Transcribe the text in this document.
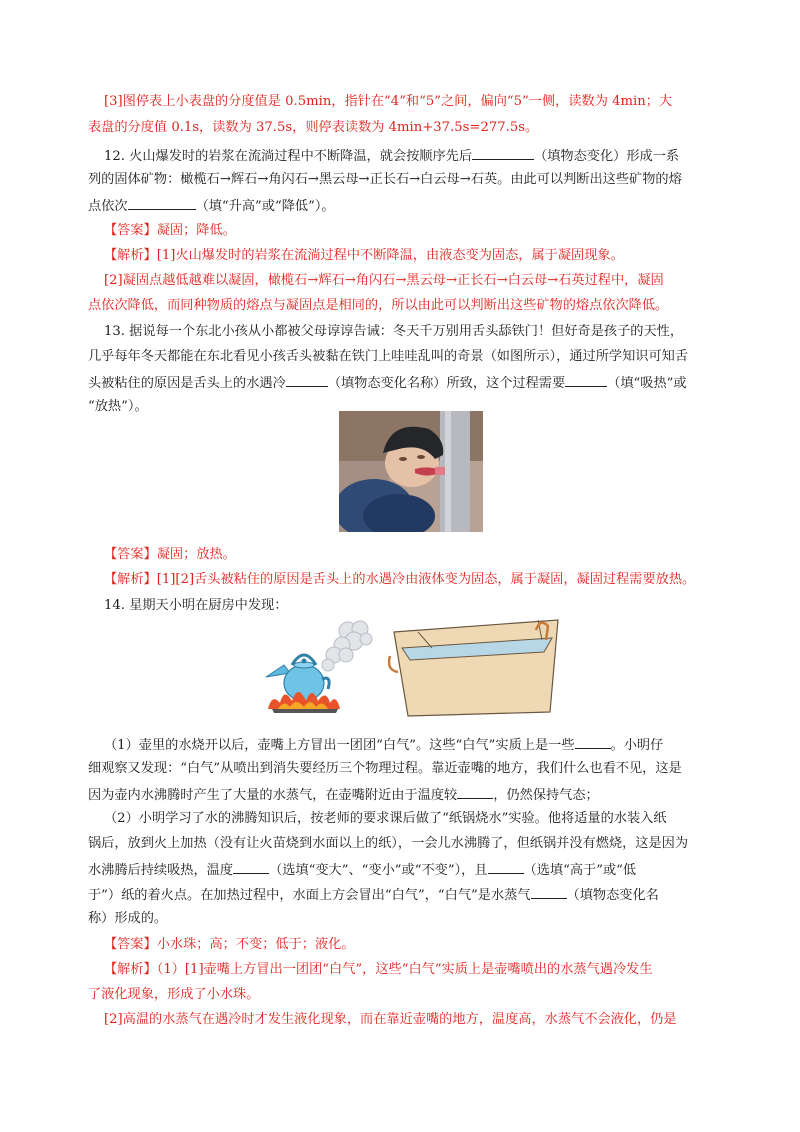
[3]图停表上小表盘的分度值是 0.5min，指针在“4”和“5”之间，偏向“5”一侧，读数为 4min；大
表盘的分度值 0.1s，读数为 37.5s，则停表读数为 4min+37.5s=277.5s。
12. 火山爆发时的岩浆在流淌过程中不断降温，就会按顺序先后	（填物态变化）形成一系
列的固体矿物：橄榄石→辉石→角闪石→黑云母→正长石→白云母→石英。由此可以判断出这些矿物的熔
点依次	（填“升高”或“降低”）。
【答案】凝固；降低。
【解析】[1]火山爆发时的岩浆在流淌过程中不断降温，由液态变为固态，属于凝固现象。
[2]凝固点越低越难以凝固，橄榄石→辉石→角闪石→黑云母→正长石→白云母→石英过程中，凝固
点依次降低，而同种物质的熔点与凝固点是相同的，所以由此可以判断出这些矿物的熔点依次降低。
13. 据说每一个东北小孩从小都被父母谆谆告诫：冬天千万别用舌头舔铁门！但好奇是孩子的天性，
几乎每年冬天都能在东北看见小孩舌头被黏在铁门上哇哇乱叫的奇景（如图所示），通过所学知识可知舌
头被粘住的原因是舌头上的水遇冷	（填物态变化名称）所致，这个过程需要	（填“吸热”或
“放热”）。
【答案】凝固；放热。
【解析】[1][2]舌头被粘住的原因是舌头上的水遇冷由液体变为固态，属于凝固，凝固过程需要放热。
14. 星期天小明在厨房中发现：
（1）壶里的水烧开以后，壶嘴上方冒出一团团“白气”。这些“白气”实质上是一些	。小明仔
细观察又发现：“白气”从喷出到消失要经历三个物理过程。靠近壶嘴的地方，我们什么也看不见，这是
因为壶内水沸腾时产生了大量的水蒸气，在壶嘴附近由于温度较	，仍然保持气态；
（2）小明学习了水的沸腾知识后，按老师的要求课后做了“纸锅烧水”实验。他将适量的水装入纸
锅后，放到火上加热（没有让火苗烧到水面以上的纸），一会儿水沸腾了，但纸锅并没有燃烧，这是因为
水沸腾后持续吸热，温度	（选填“变大”、“变小”或“不变”），且	（选填“高于”或“低
于”）纸的着火点。在加热过程中，水面上方会冒出“白气”，“白气”是水蒸气	（填物态变化名
称）形成的。
【答案】小水珠；高；不变；低于；液化。
【解析】（1）[1]壶嘴上方冒出一团团“白气”，这些“白气”实质上是壶嘴喷出的水蒸气遇冷发生
了液化现象，形成了小水珠。
[2]高温的水蒸气在遇冷时才发生液化现象，而在靠近壶嘴的地方，温度高，水蒸气不会液化，仍是
